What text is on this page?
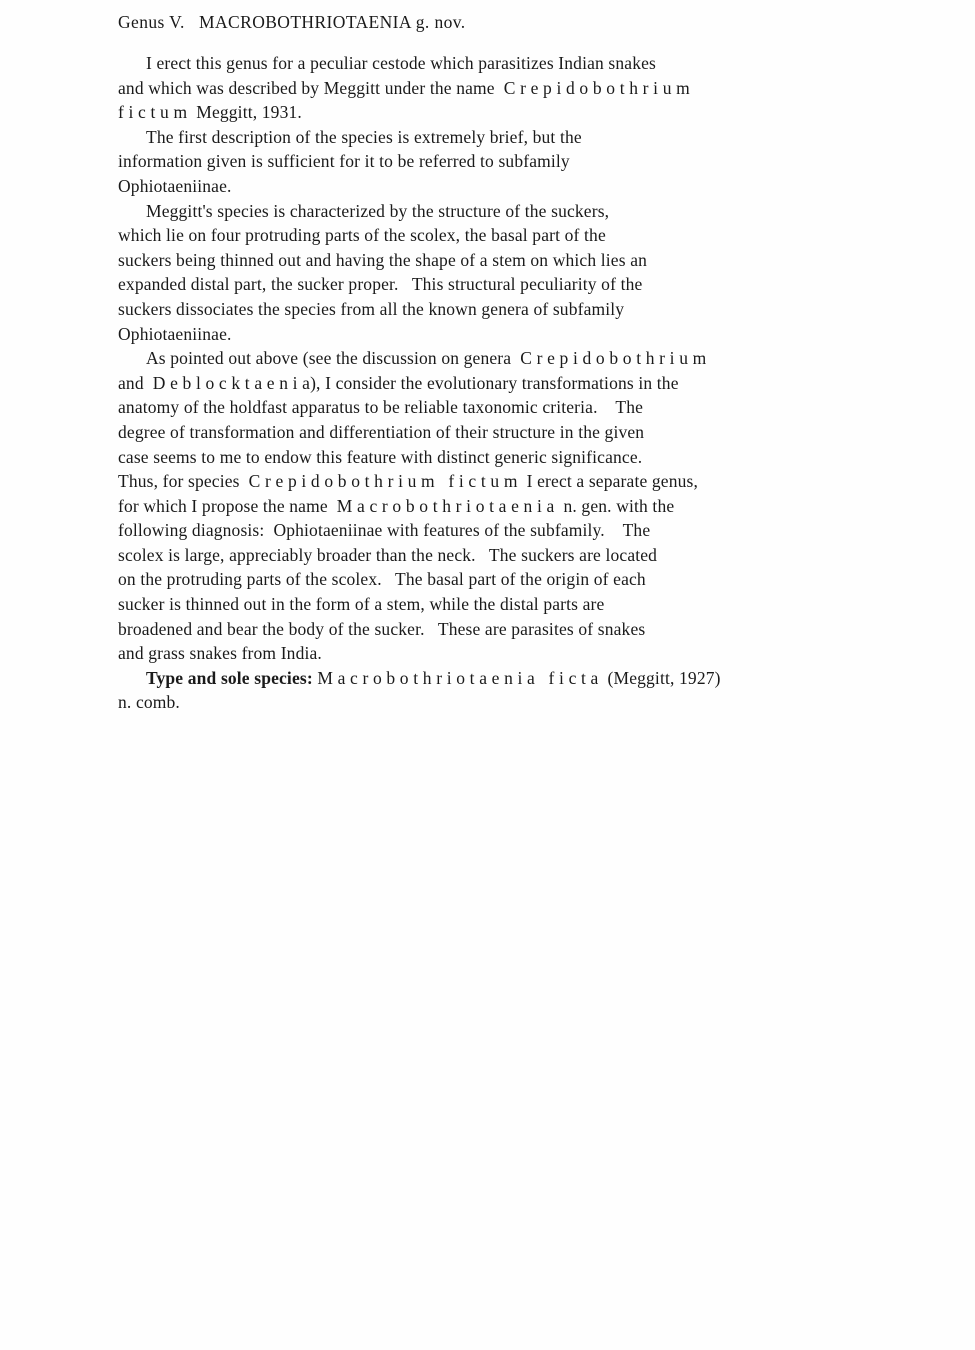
Genus V.   MACROBOTHRIOTAENIA g. nov.

I erect this genus for a peculiar cestode which parasitizes Indian snakes
and which was described by Meggitt under the name  C r e p i d o b o t h r i u m
f i c t u m  Meggitt, 1931.

The first description of the species is extremely brief, but the
information given is sufficient for it to be referred to subfamily
Ophiotaeniinae.

Meggitt's species is characterized by the structure of the suckers,
which lie on four protruding parts of the scolex, the basal part of the
suckers being thinned out and having the shape of a stem on which lies an
expanded distal part, the sucker proper.   This structural peculiarity of the
suckers dissociates the species from all the known genera of subfamily
Ophiotaeniinae.

As pointed out above (see the discussion on genera  C r e p i d o b o t h r i u m
and  D e b l o c k t a e n i a), I consider the evolutionary transformations in the
anatomy of the holdfast apparatus to be reliable taxonomic criteria.    The
degree of transformation and differentiation of their structure in the given
case seems to me to endow this feature with distinct generic significance.
Thus, for species  C r e p i d o b o t h r i u m   f i c t u m  I erect a separate genus,
for which I propose the name  M a c r o b o t h r i o t a e n i a  n. gen. with the
following diagnosis:  Ophiotaeniinae with features of the subfamily.    The
scolex is large, appreciably broader than the neck.   The suckers are located
on the protruding parts of the scolex.   The basal part of the origin of each
sucker is thinned out in the form of a stem, while the distal parts are
broadened and bear the body of the sucker.   These are parasites of snakes
and grass snakes from India.

Type and sole species: M a c r o b o t h r i o t a e n i a   f i c t a  (Meggitt, 1927)
n. comb.
